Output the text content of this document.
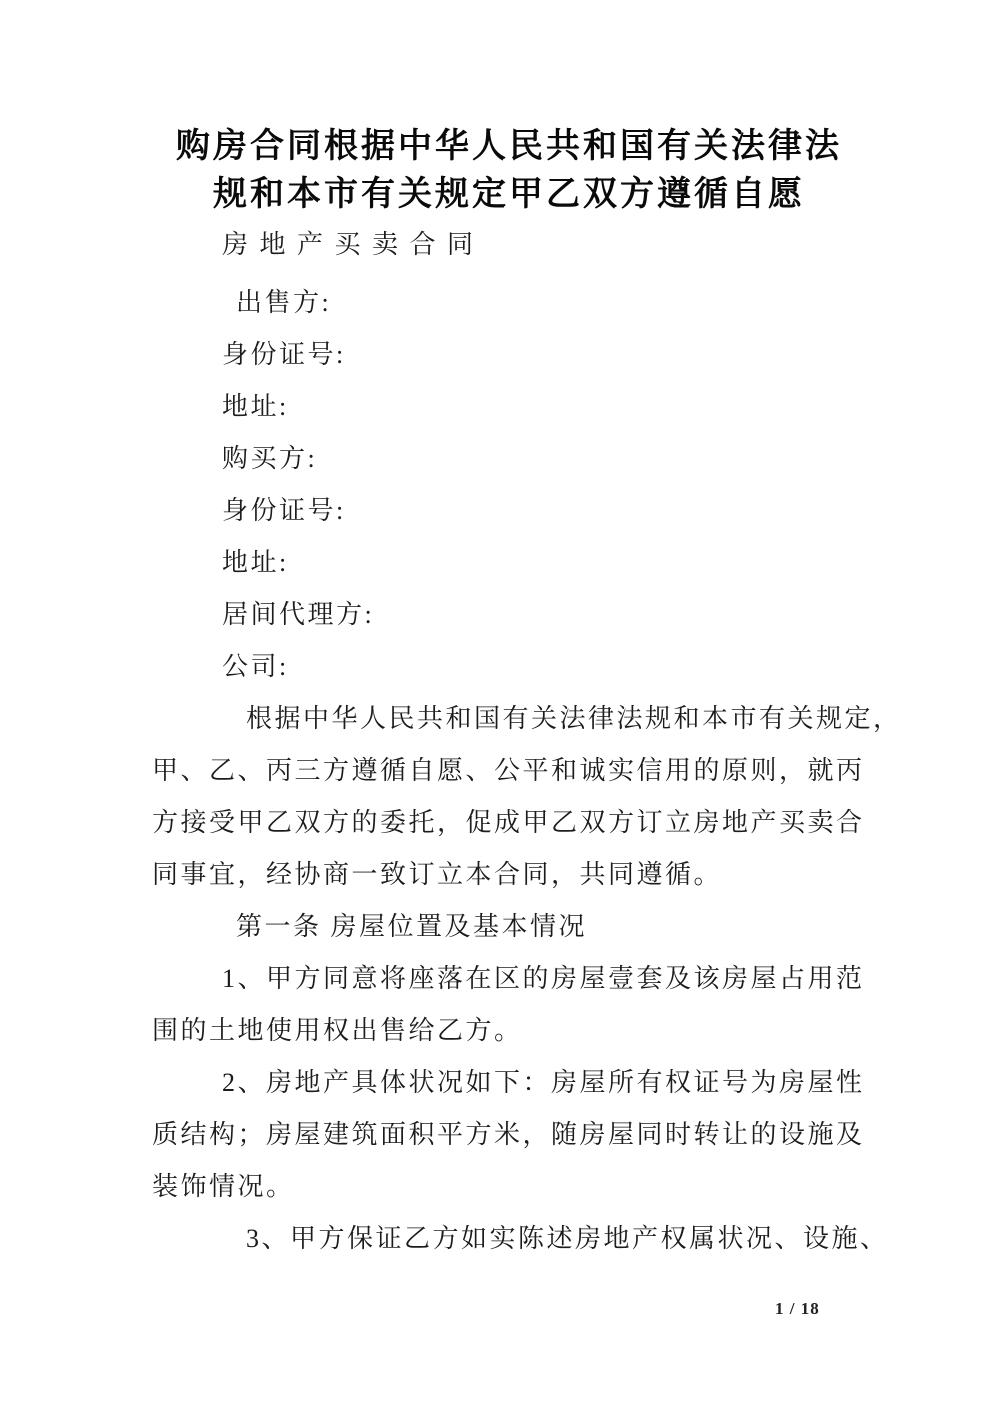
购房合同根据中华人民共和国有关法律法
规和本市有关规定甲乙双方遵循自愿
房 地 产 买 卖 合 同
出售方:
身份证号:
地址:
购买方:
身份证号:
地址:
居间代理方:
公司:
根据中华人民共和国有关法律法规和本市有关规定，
甲、乙、丙三方遵循自愿、公平和诚实信用的原则，就丙
方接受甲乙双方的委托，促成甲乙双方订立房地产买卖合
同事宜，经协商一致订立本合同，共同遵循。
第一条 房屋位置及基本情况
1、甲方同意将座落在区的房屋壹套及该房屋占用范
围的土地使用权出售给乙方。
2、房地产具体状况如下：房屋所有权证号为房屋性
质结构；房屋建筑面积平方米，随房屋同时转让的设施及
装饰情况。
3、甲方保证乙方如实陈述房地产权属状况、设施、
1 / 18
